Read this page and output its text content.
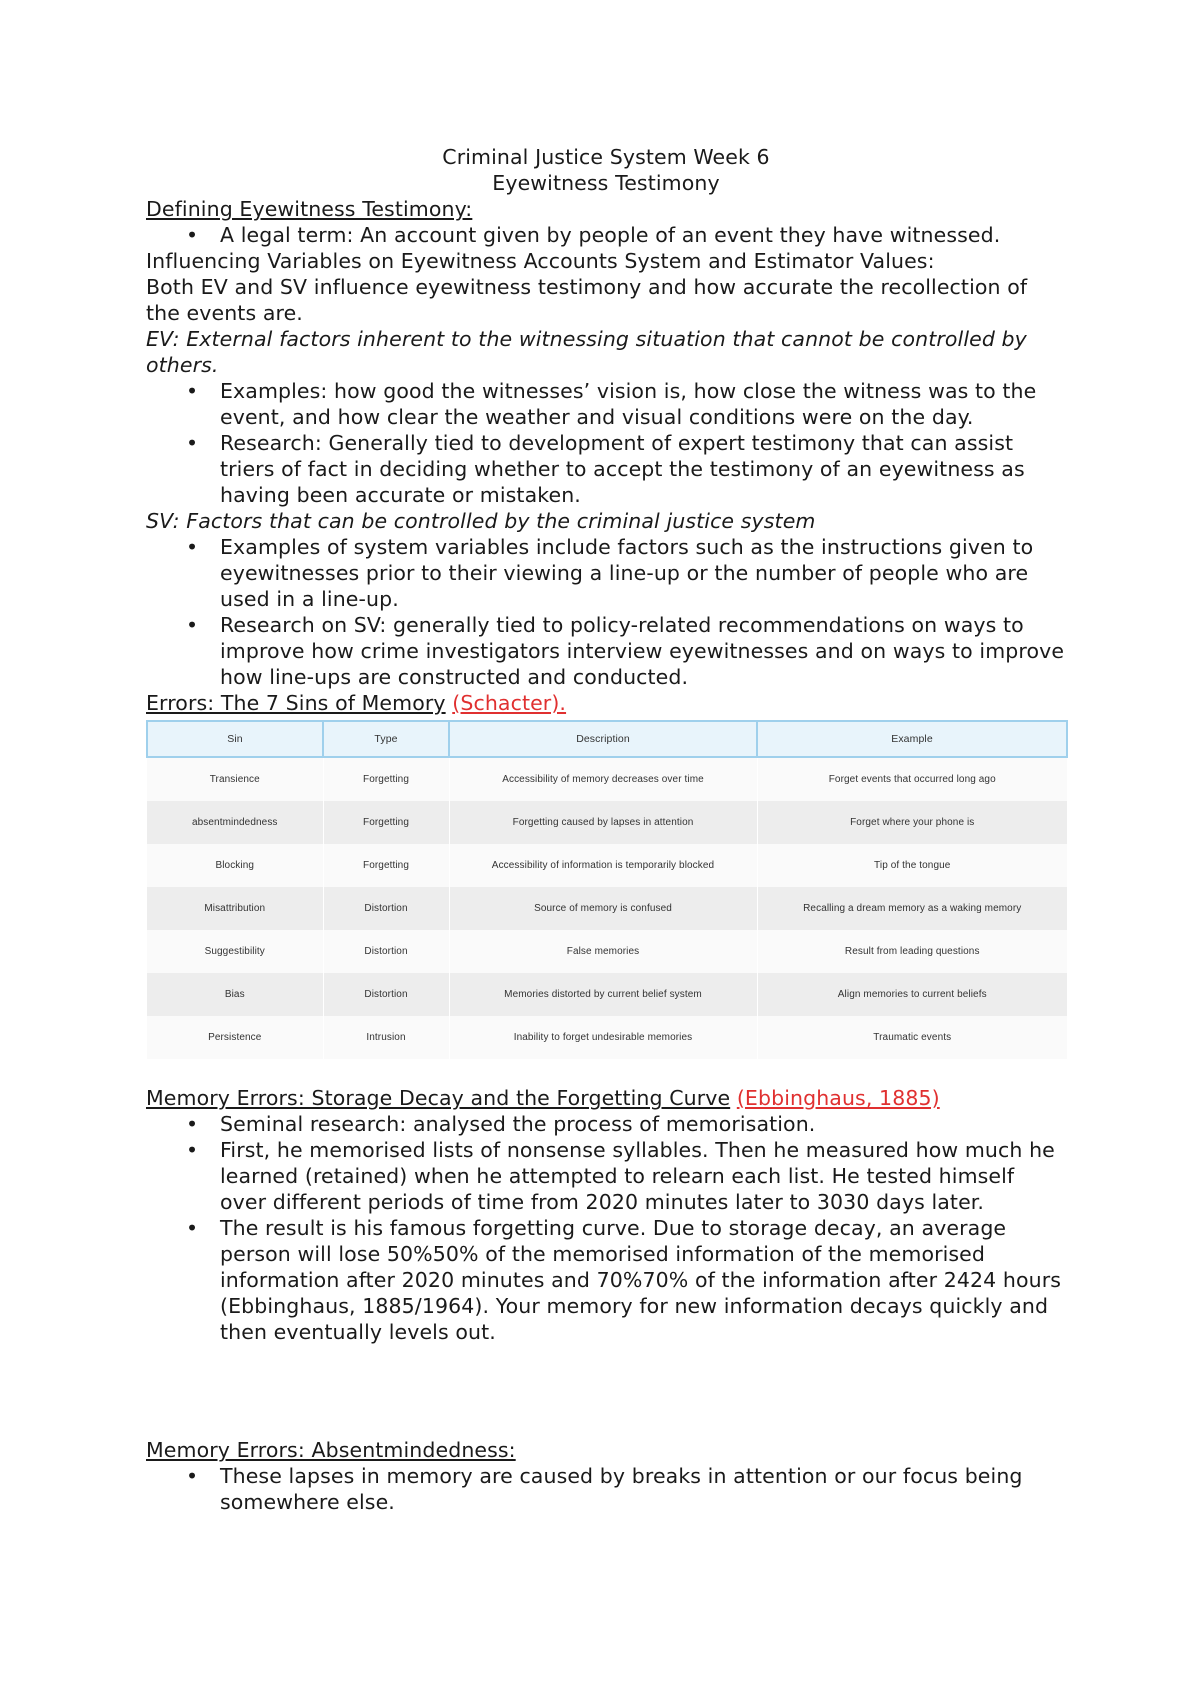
Criminal Justice System Week 6

Eyewitness Testimony

Defining Eyewitness Testimony:

• A legal term: An account given by people of an event they have witnessed.

Influencing Variables on Eyewitness Accounts System and Estimator Values:

Both EV and SV influence eyewitness testimony and how accurate the recollection of the events are.

EV: External factors inherent to the witnessing situation that cannot be controlled by others.

• Examples: how good the witnesses’ vision is, how close the witness was to the event, and how clear the weather and visual conditions were on the day.
• Research: Generally tied to development of expert testimony that can assist triers of fact in deciding whether to accept the testimony of an eyewitness as having been accurate or mistaken.

SV: Factors that can be controlled by the criminal justice system

• Examples of system variables include factors such as the instructions given to eyewitnesses prior to their viewing a line-up or the number of people who are used in a line-up.
• Research on SV: generally tied to policy-related recommendations on ways to improve how crime investigators interview eyewitnesses and on ways to improve how line-ups are constructed and conducted.

Errors: The 7 Sins of Memory (Schacter).

Sin	Type	Description	Example
Transience	Forgetting	Accessibility of memory decreases over time	Forget events that occurred long ago
absentmindedness	Forgetting	Forgetting caused by lapses in attention	Forget where your phone is
Blocking	Forgetting	Accessibility of information is temporarily blocked	Tip of the tongue
Misattribution	Distortion	Source of memory is confused	Recalling a dream memory as a waking memory
Suggestibility	Distortion	False memories	Result from leading questions
Bias	Distortion	Memories distorted by current belief system	Align memories to current beliefs
Persistence	Intrusion	Inability to forget undesirable memories	Traumatic events

Memory Errors: Storage Decay and the Forgetting Curve (Ebbinghaus, 1885)

• Seminal research: analysed the process of memorisation.
• First, he memorised lists of nonsense syllables. Then he measured how much he learned (retained) when he attempted to relearn each list. He tested himself over different periods of time from 2020 minutes later to 3030 days later.
• The result is his famous forgetting curve. Due to storage decay, an average person will lose 50%50% of the memorised information of the memorised information after 2020 minutes and 70%70% of the information after 2424 hours (Ebbinghaus, 1885/1964). Your memory for new information decays quickly and then eventually levels out.

Memory Errors: Absentmindedness:

• These lapses in memory are caused by breaks in attention or our focus being somewhere else.
